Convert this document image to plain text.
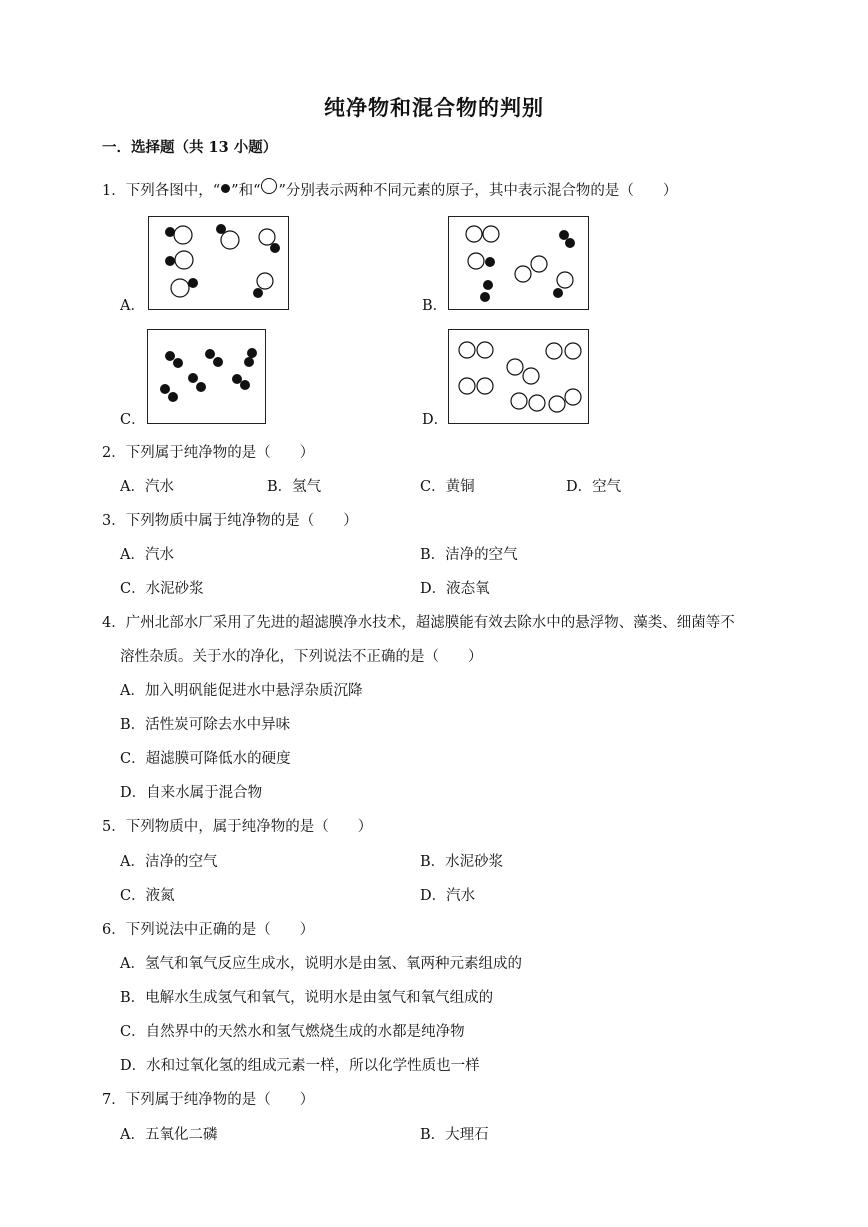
纯净物和混合物的判别
一．选择题（共 13 小题）
1．下列各图中，“ ”和“ ”分别表示两种不同元素的原子，其中表示混合物的是（　　）
A．	B．
C．	D．
2．下列属于纯净物的是（　　）
A．汽水	B．氢气	C．黄铜	D．空气
3．下列物质中属于纯净物的是（　　）
A．汽水	B．洁净的空气
C．水泥砂浆	D．液态氧
4．广州北部水厂采用了先进的超滤膜净水技术，超滤膜能有效去除水中的悬浮物、藻类、细菌等不
溶性杂质。关于水的净化，下列说法不正确的是（　　）
A．加入明矾能促进水中悬浮杂质沉降
B．活性炭可除去水中异味
C．超滤膜可降低水的硬度
D．自来水属于混合物
5．下列物质中，属于纯净物的是（　　）
A．洁净的空气	B．水泥砂浆
C．液氮	D．汽水
6．下列说法中正确的是（　　）
A．氢气和氧气反应生成水，说明水是由氢、氧两种元素组成的
B．电解水生成氢气和氧气，说明水是由氢气和氧气组成的
C．自然界中的天然水和氢气燃烧生成的水都是纯净物
D．水和过氧化氢的组成元素一样，所以化学性质也一样
7．下列属于纯净物的是（　　）
A．五氧化二磷	B．大理石
